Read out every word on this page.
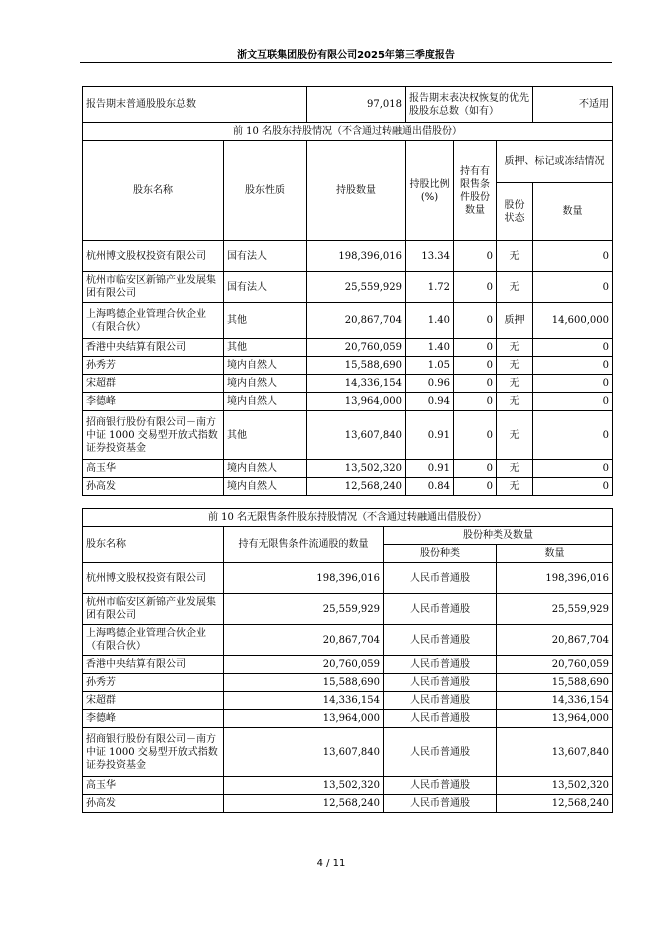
浙文互联集团股份有限公司2025年第三季度报告
报告期末普通股股东总数		97,018	报告期末表决权恢复的优先股股东总数（如有）			不适用
前 10 名股东持股情况（不含通过转融通出借股份）						
股东名称	股东性质	持股数量	持股比例(%)	持有有限售条件股份数量	质押、标记或冻结情况	
					股份状态	数量
杭州博文股权投资有限公司	国有法人	198,396,016	13.34	0	无	0
杭州市临安区新锦产业发展集团有限公司	国有法人	25,559,929	1.72	0	无	0
上海鸣德企业管理合伙企业（有限合伙）	其他	20,867,704	1.40	0	质押	14,600,000
香港中央结算有限公司	其他	20,760,059	1.40	0	无	0
孙秀芳	境内自然人	15,588,690	1.05	0	无	0
宋超群	境内自然人	14,336,154	0.96	0	无	0
李德峰	境内自然人	13,964,000	0.94	0	无	0
招商银行股份有限公司－南方中证 1000 交易型开放式指数证券投资基金	其他	13,607,840	0.91	0	无	0
高玉华	境内自然人	13,502,320	0.91	0	无	0
孙高发	境内自然人	12,568,240	0.84	0	无	0
前 10 名无限售条件股东持股情况（不含通过转融通出借股份）			
股东名称	持有无限售条件流通股的数量	股份种类及数量	
		股份种类	数量
杭州博文股权投资有限公司	198,396,016	人民币普通股	198,396,016
杭州市临安区新锦产业发展集团有限公司	25,559,929	人民币普通股	25,559,929
上海鸣德企业管理合伙企业（有限合伙）	20,867,704	人民币普通股	20,867,704
香港中央结算有限公司	20,760,059	人民币普通股	20,760,059
孙秀芳	15,588,690	人民币普通股	15,588,690
宋超群	14,336,154	人民币普通股	14,336,154
李德峰	13,964,000	人民币普通股	13,964,000
招商银行股份有限公司－南方中证 1000 交易型开放式指数证券投资基金	13,607,840	人民币普通股	13,607,840
高玉华	13,502,320	人民币普通股	13,502,320
孙高发	12,568,240	人民币普通股	12,568,240
4 / 11
